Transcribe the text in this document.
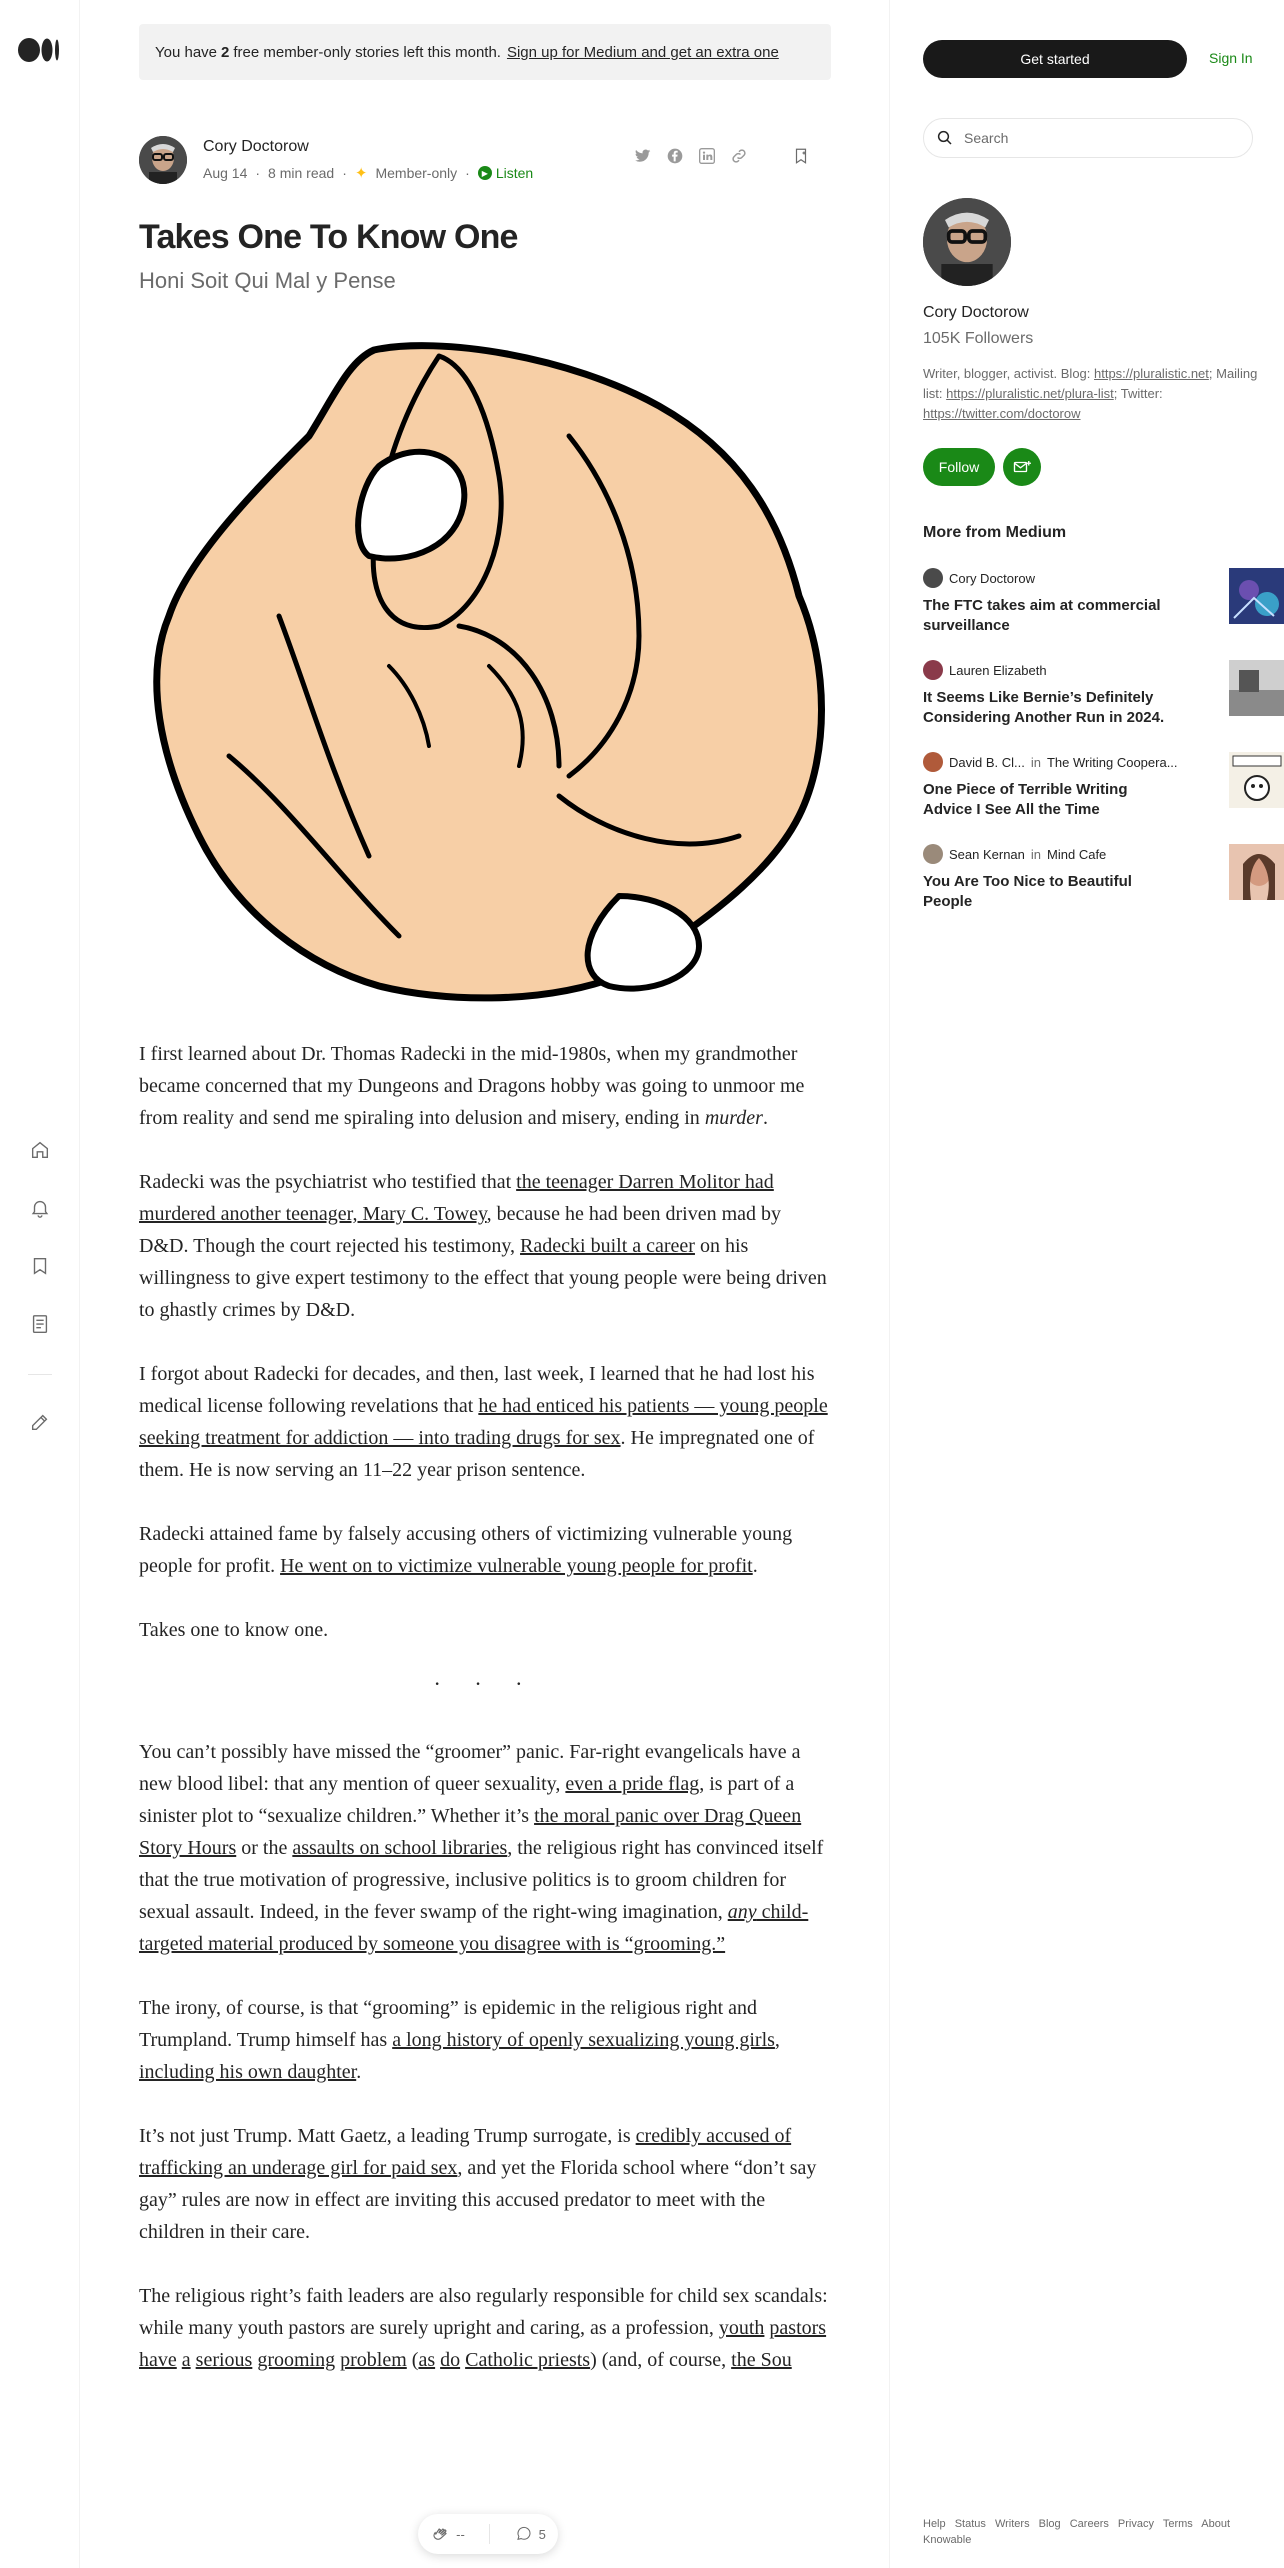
You have 2 free member-only stories left this month. Sign up for Medium and get an extra one
Cory Doctorow
Aug 14 · 8 min read · ✦ Member-only ·	▶ Listen
Takes One To Know One
Honi Soit Qui Mal y Pense

I first learned about Dr. Thomas Radecki in the mid-1980s, when my grandmother became concerned that my Dungeons and Dragons hobby was going to unmoor me from reality and send me spiraling into delusion and misery, ending in murder.

Radecki was the psychiatrist who testified that the teenager Darren Molitor had murdered another teenager, Mary C. Towey, because he had been driven mad by D&D. Though the court rejected his testimony, Radecki built a career on his willingness to give expert testimony to the effect that young people were being driven to ghastly crimes by D&D.

I forgot about Radecki for decades, and then, last week, I learned that he had lost his medical license following revelations that he had enticed his patients — young people seeking treatment for addiction — into trading drugs for sex. He impregnated one of them. He is now serving an 11–22 year prison sentence.

Radecki attained fame by falsely accusing others of victimizing vulnerable young people for profit. He went on to victimize vulnerable young people for profit.

Takes one to know one.

· · ·

You can’t possibly have missed the “groomer” panic. Far-right evangelicals have a new blood libel: that any mention of queer sexuality, even a pride flag, is part of a sinister plot to “sexualize children.” Whether it’s the moral panic over Drag Queen Story Hours or the assaults on school libraries, the religious right has convinced itself that the true motivation of progressive, inclusive politics is to groom children for sexual assault. Indeed, in the fever swamp of the right-wing imagination, any child-targeted material produced by someone you disagree with is “grooming.”

The irony, of course, is that “grooming” is epidemic in the religious right and Trumpland. Trump himself has a long history of openly sexualizing young girls, including his own daughter.

It’s not just Trump. Matt Gaetz, a leading Trump surrogate, is credibly accused of trafficking an underage girl for paid sex, and yet the Florida school where “don’t say gay” rules are now in effect are inviting this accused predator to meet with the children in their care.

The religious right’s faith leaders are also regularly responsible for child sex scandals: while many youth pastors are surely upright and caring, as a profession, youth pastors have a serious grooming problem (as do Catholic priests) (and, of course, the Sou

--	5
Get started	Sign In
Search
Cory Doctorow
105K Followers
Writer, blogger, activist. Blog: https://pluralistic.net; Mailing list: https://pluralistic.net/plura-list; Twitter: https://twitter.com/doctorow
Follow
More from Medium
Cory Doctorow
The FTC takes aim at commercial surveillance
Lauren Elizabeth
It Seems Like Bernie’s Definitely Considering Another Run in 2024.
David B. Cl... in The Writing Coopera...
One Piece of Terrible Writing Advice I See All the Time
Sean Kernan in Mind Cafe
You Are Too Nice to Beautiful People
Help Status Writers Blog Careers Privacy Terms About Knowable
